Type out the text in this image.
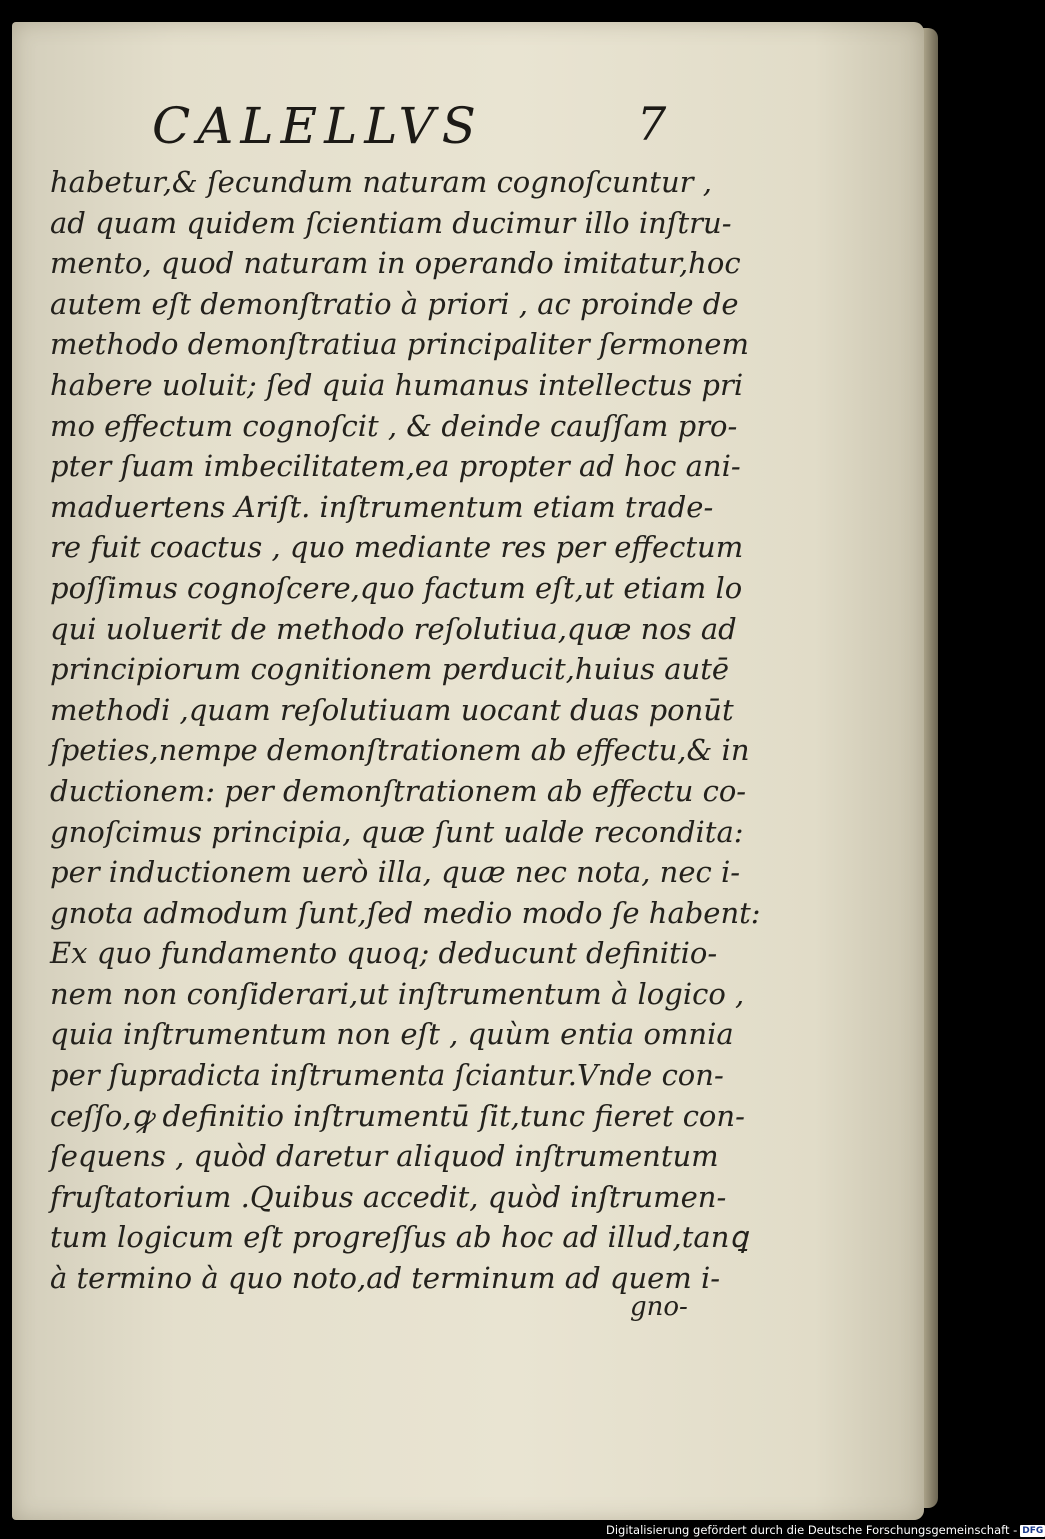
CALELLVS	7
habetur,& ſecundum naturam cognoſcuntur ,
ad quam quidem ſcientiam ducimur illo inſtru-
mento, quod naturam in operando imitatur,hoc
autem eſt demonſtratio à priori , ac proinde de
methodo demonſtratiua principaliter ſermonem
habere uoluit; ſed quia humanus intellectus pri
mo effectum cognoſcit , & deinde cauſſam pro-
pter ſuam imbecilitatem,ea propter ad hoc ani-
maduertens Ariſt. inſtrumentum etiam trade-
re fuit coactus , quo mediante res per effectum
poſſimus cognoſcere,quo factum eſt,ut etiam lo
qui uoluerit de methodo reſolutiua,quæ nos ad
principiorum cognitionem perducit,huius autē
methodi ,quam reſolutiuam uocant duas ponūt
ſpeties,nempe demonſtrationem ab effectu,& in
ductionem: per demonſtrationem ab effectu co-
gnoſcimus principia, quæ ſunt ualde recondita:
per inductionem uerò illa, quæ nec nota, nec i-
gnota admodum ſunt,ſed medio modo ſe habent:
Ex quo fundamento quoq; deducunt definitio-
nem non conſiderari,ut inſtrumentum à logico ,
quia inſtrumentum non eſt , quùm entia omnia
per ſupradicta inſtrumenta ſciantur.Vnde con-
ceſſo,ꝙ definitio inſtrumentū ſit,tunc fieret con-
ſequens , quòd daretur aliquod inſtrumentum
fruſtatorium .Quibus accedit, quòd inſtrumen-
tum logicum eſt progreſſus ab hoc ad illud,tanꝗ
à termino à quo noto,ad terminum ad quem i-
gno-
Digitalisierung gefördert durch die Deutsche Forschungsgemeinschaft - DFG
